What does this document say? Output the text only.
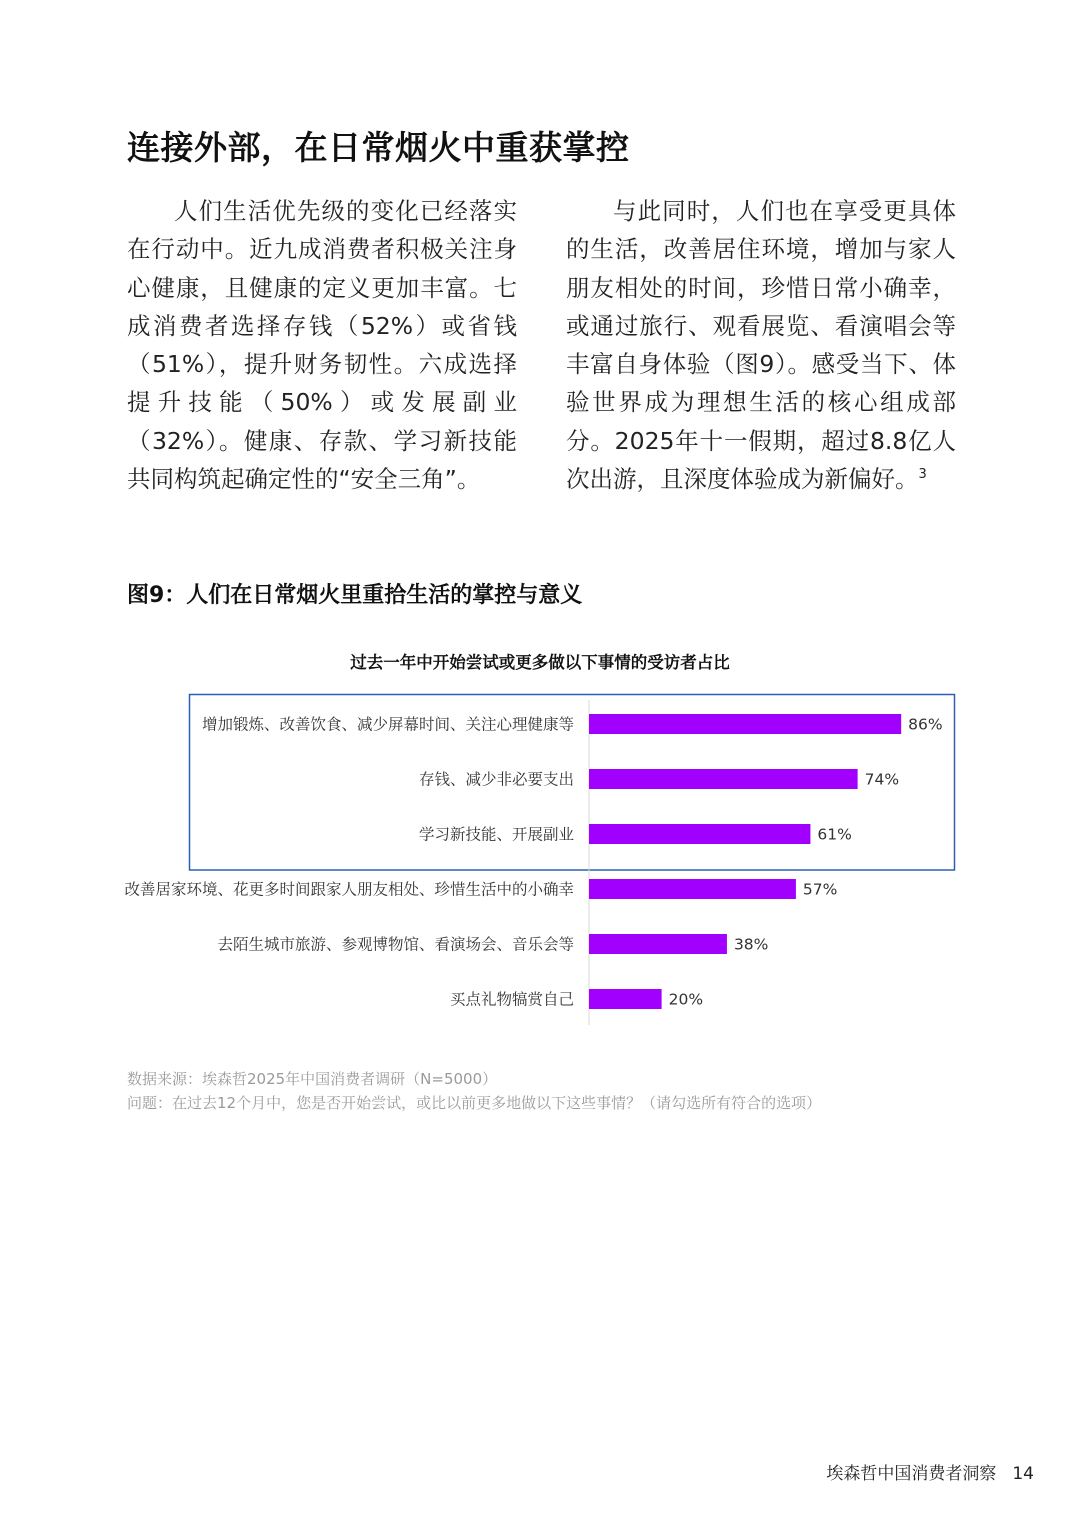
连接外部，在日常烟火中重获掌控

人们生活优先级的变化已经落实在行动中。近九成消费者积极关注身心健康，且健康的定义更加丰富。七成消费者选择存钱（52%）或省钱（51%），提升财务韧性。六成选择提升技能（50%）或发展副业（32%）。健康、存款、学习新技能共同构筑起确定性的“安全三角”。

与此同时，人们也在享受更具体的生活，改善居住环境，增加与家人朋友相处的时间，珍惜日常小确幸，或通过旅行、观看展览、看演唱会等丰富自身体验（图9）。感受当下、体验世界成为理想生活的核心组成部分。2025年十一假期，超过8.8亿人次出游，且深度体验成为新偏好。$^3$

图9：人们在日常烟火里重拾生活的掌控与意义

过去一年中开始尝试或更多做以下事情的受访者占比

增加锻炼、改善饮食、减少屏幕时间、关注心理健康等	86%
存钱、减少非必要支出	74%
学习新技能、开展副业	61%
改善居家环境、花更多时间跟家人朋友相处、珍惜生活中的小确幸	57%
去陌生城市旅游、参观博物馆、看演场会、音乐会等	38%
买点礼物犒赏自己	20%

数据来源：埃森哲2025年中国消费者调研（N=5000）
问题：在过去12个月中，您是否开始尝试，或比以前更多地做以下这些事情？（请勾选所有符合的选项）

埃森哲中国消费者洞察 14
